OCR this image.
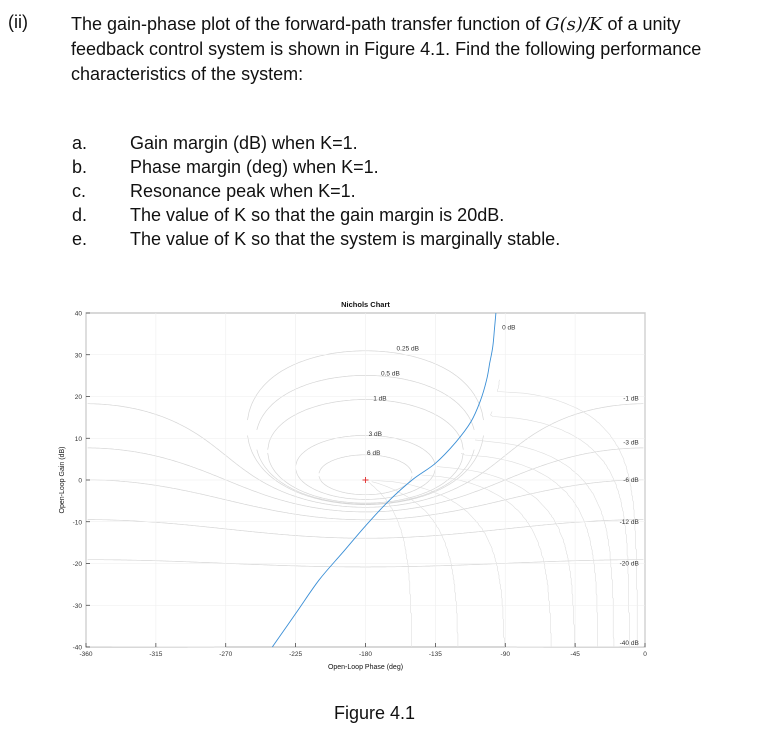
(ii) The gain-phase plot of the forward-path transfer function of G(s)/K of a unity feedback control system is shown in Figure 4.1. Find the following performance characteristics of the system:
a. Gain margin (dB) when K=1.
b. Phase margin (deg) when K=1.
c. Resonance peak when K=1.
d. The value of K so that the gain margin is 20dB.
e. The value of K so that the system is marginally stable.
-360	-315	-270	-225	-180	-135	-90	-45	0
40
30
20
10
0
-10
-20
-30
-40
0 dB
0.25 dB
0.5 dB
1 dB
3 dB
6 dB
-1 dB
-3 dB
-6 dB
-12 dB
-20 dB
-40 dB
Nichols Chart
Open-Loop Phase (deg)
Open-Loop Gain (dB)
Figure 4.1
